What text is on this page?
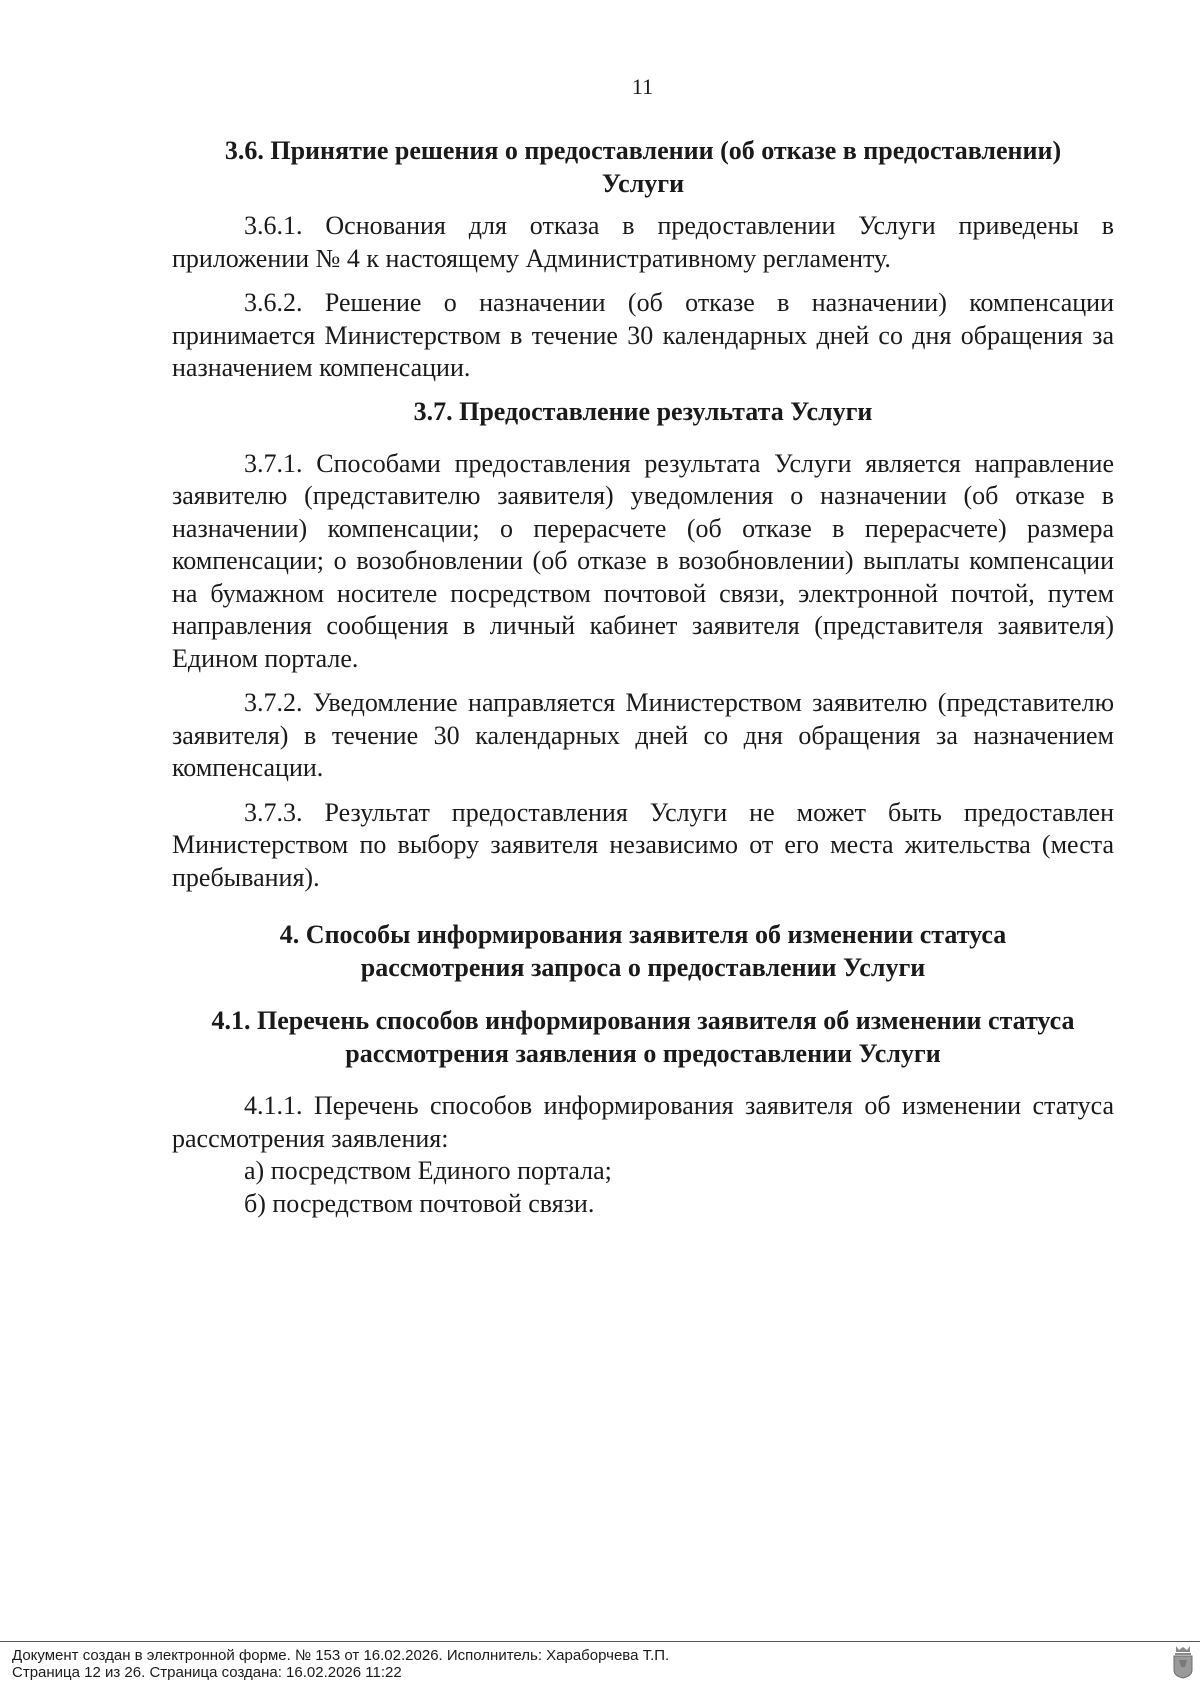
11

3.6. Принятие решения о предоставлении (об отказе в предоставлении)
Услуги

3.6.1. Основания для отказа в предоставлении Услуги приведены в приложении № 4 к настоящему Административному регламенту.

3.6.2. Решение о назначении (об отказе в назначении) компенсации принимается Министерством в течение 30 календарных дней со дня обращения за назначением компенсации.

3.7. Предоставление результата Услуги

3.7.1. Способами предоставления результата Услуги является направление заявителю (представителю заявителя) уведомления о назначении (об отказе в назначении) компенсации; о перерасчете (об отказе в перерасчете) размера компенсации; о возобновлении (об отказе в возобновлении) выплаты компенсации на бумажном носителе посредством почтовой связи, электронной почтой, путем направления сообщения в личный кабинет заявителя (представителя заявителя) Едином портале.

3.7.2. Уведомление направляется Министерством заявителю (представителю заявителя) в течение 30 календарных дней со дня обращения за назначением компенсации.

3.7.3. Результат предоставления Услуги не может быть предоставлен Министерством по выбору заявителя независимо от его места жительства (места пребывания).

4. Способы информирования заявителя об изменении статуса
рассмотрения запроса о предоставлении Услуги

4.1. Перечень способов информирования заявителя об изменении статуса
рассмотрения заявления о предоставлении Услуги

4.1.1. Перечень способов информирования заявителя об изменении статуса рассмотрения заявления:

а) посредством Единого портала;

б) посредством почтовой связи.

Документ создан в электронной форме. № 153 от 16.02.2026. Исполнитель: Хараборчева Т.П.
Страница 12 из 26. Страница создана: 16.02.2026 11:22
